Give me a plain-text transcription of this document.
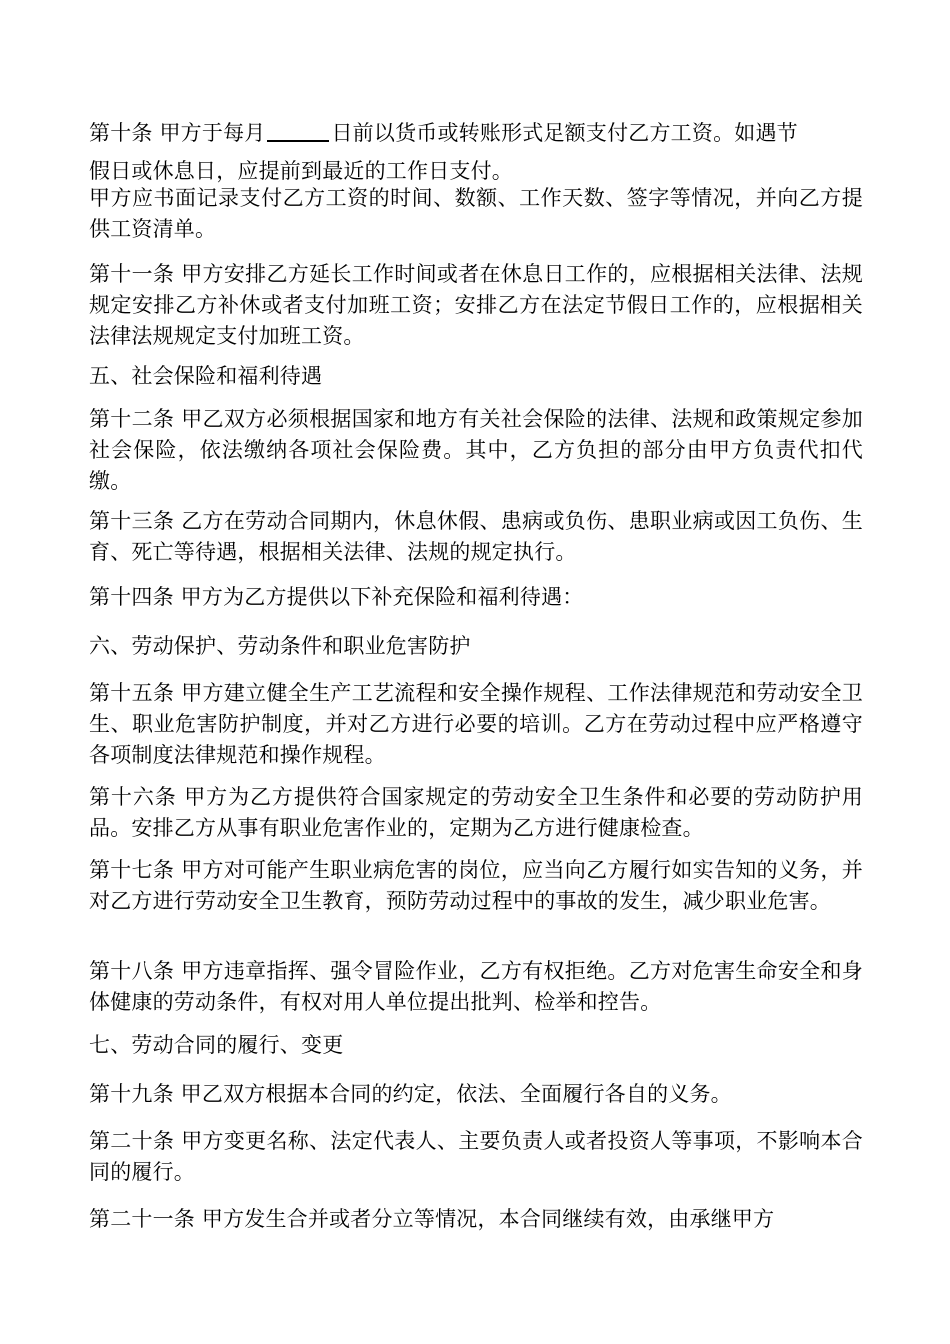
第十条 甲方于每月	日前以货币或转账形式足额支付乙方工资。如遇节
假日或休息日，应提前到最近的工作日支付。
甲方应书面记录支付乙方工资的时间、数额、工作天数、签字等情况，并向乙方提供工资清单。
第十一条 甲方安排乙方延长工作时间或者在休息日工作的，应根据相关法律、法规规定安排乙方补休或者支付加班工资；安排乙方在法定节假日工作的，应根据相关法律法规规定支付加班工资。
五、社会保险和福利待遇
第十二条 甲乙双方必须根据国家和地方有关社会保险的法律、法规和政策规定参加社会保险，依法缴纳各项社会保险费。其中，乙方负担的部分由甲方负责代扣代缴。
第十三条 乙方在劳动合同期内，休息休假、患病或负伤、患职业病或因工负伤、生育、死亡等待遇，根据相关法律、法规的规定执行。
第十四条 甲方为乙方提供以下补充保险和福利待遇：
六、劳动保护、劳动条件和职业危害防护
第十五条 甲方建立健全生产工艺流程和安全操作规程、工作法律规范和劳动安全卫生、职业危害防护制度，并对乙方进行必要的培训。乙方在劳动过程中应严格遵守各项制度法律规范和操作规程。
第十六条 甲方为乙方提供符合国家规定的劳动安全卫生条件和必要的劳动防护用品。安排乙方从事有职业危害作业的，定期为乙方进行健康检查。
第十七条 甲方对可能产生职业病危害的岗位，应当向乙方履行如实告知的义务，并对乙方进行劳动安全卫生教育，预防劳动过程中的事故的发生，减少职业危害。
第十八条 甲方违章指挥、强令冒险作业，乙方有权拒绝。乙方对危害生命安全和身体健康的劳动条件，有权对用人单位提出批判、检举和控告。
七、劳动合同的履行、变更
第十九条 甲乙双方根据本合同的约定，依法、全面履行各自的义务。
第二十条 甲方变更名称、法定代表人、主要负责人或者投资人等事项，不影响本合同的履行。
第二十一条 甲方发生合并或者分立等情况，本合同继续有效，由承继甲方
